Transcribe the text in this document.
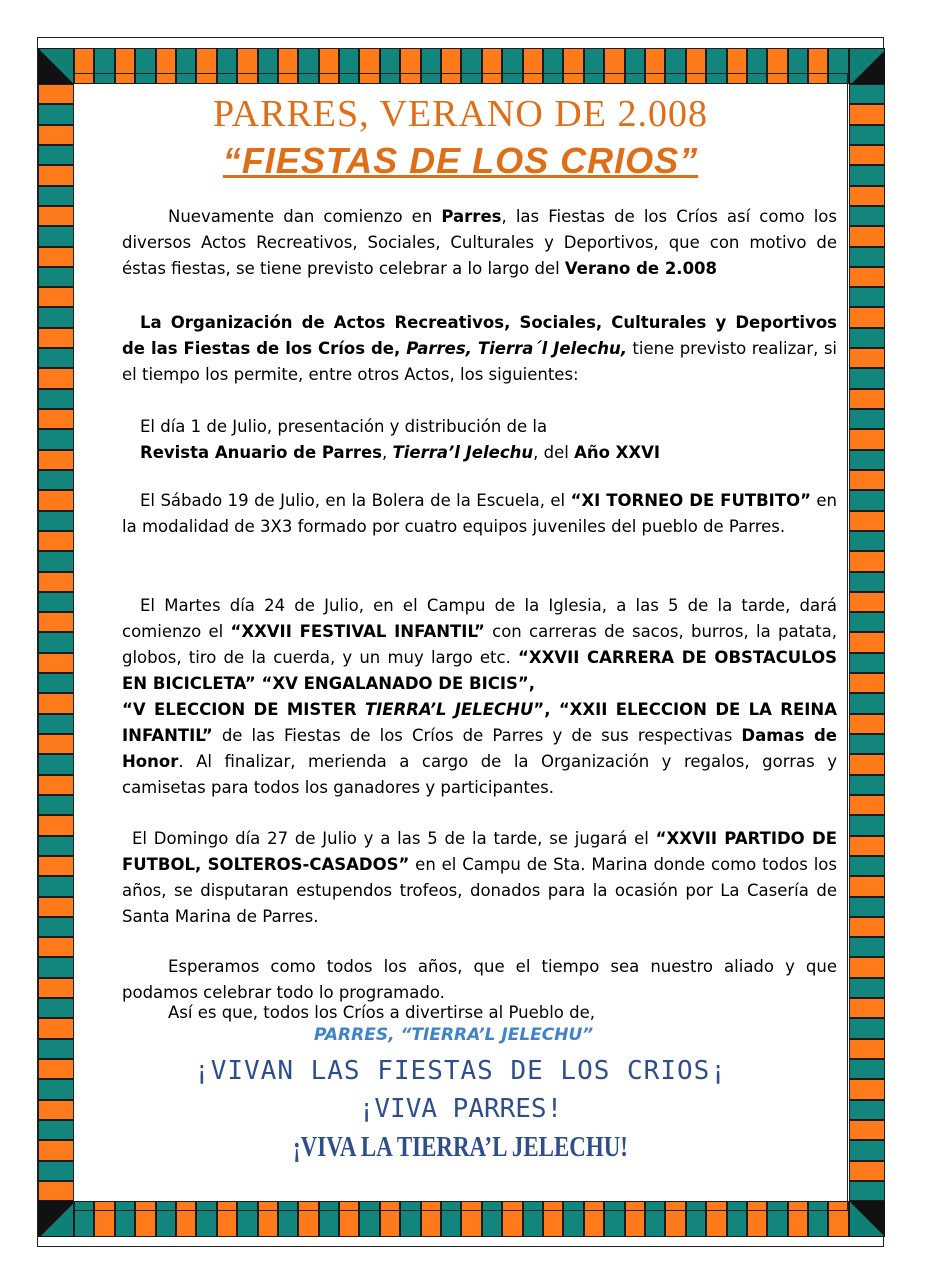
PARRES, VERANO DE 2.008
“FIESTAS DE LOS CRIOS”
Nuevamente dan comienzo en Parres, las Fiestas de los Críos así como los diversos Actos Recreativos, Sociales, Culturales y Deportivos, que con motivo de éstas fiestas, se tiene previsto celebrar a lo largo del Verano de 2.008
La Organización de Actos Recreativos, Sociales, Culturales y Deportivos de las Fiestas de los Críos de, Parres, Tierra´l Jelechu, tiene previsto realizar, si el tiempo los permite, entre otros Actos, los siguientes:
El día 1 de Julio, presentación y distribución de la
Revista Anuario de Parres, Tierra’l Jelechu, del Año XXVI
El Sábado 19 de Julio, en la Bolera de la Escuela, el “XI TORNEO DE FUTBITO” en la modalidad de 3X3 formado por cuatro equipos juveniles del pueblo de Parres.
El Martes día 24 de Julio, en el Campu de la Iglesia, a las 5 de la tarde, dará comienzo el “XXVII FESTIVAL INFANTIL” con carreras de sacos, burros, la patata, globos, tiro de la cuerda, y un muy largo etc. “XXVII CARRERA DE OBSTACULOS EN BICICLETA” “XV ENGALANADO DE BICIS”,
“V ELECCION DE MISTER TIERRA’L JELECHU”, “XXII ELECCION DE LA REINA INFANTIL” de las Fiestas de los Críos de Parres y de sus respectivas Damas de Honor. Al finalizar, merienda a cargo de la Organización y regalos, gorras y camisetas para todos los ganadores y participantes.
El Domingo día 27 de Julio y a las 5 de la tarde, se jugará el “XXVII PARTIDO DE FUTBOL, SOLTEROS-CASADOS” en el Campu de Sta. Marina donde como todos los años, se disputaran estupendos trofeos, donados para la ocasión por La Casería de Santa Marina de Parres.
Esperamos como todos los años, que el tiempo sea nuestro aliado y que podamos celebrar todo lo programado.
Así es que, todos los Críos a divertirse al Pueblo de,
PARRES, “TIERRA’L JELECHU”
¡VIVAN LAS FIESTAS DE LOS CRIOS¡
¡VIVA PARRES!
¡VIVA LA TIERRA’L JELECHU!
